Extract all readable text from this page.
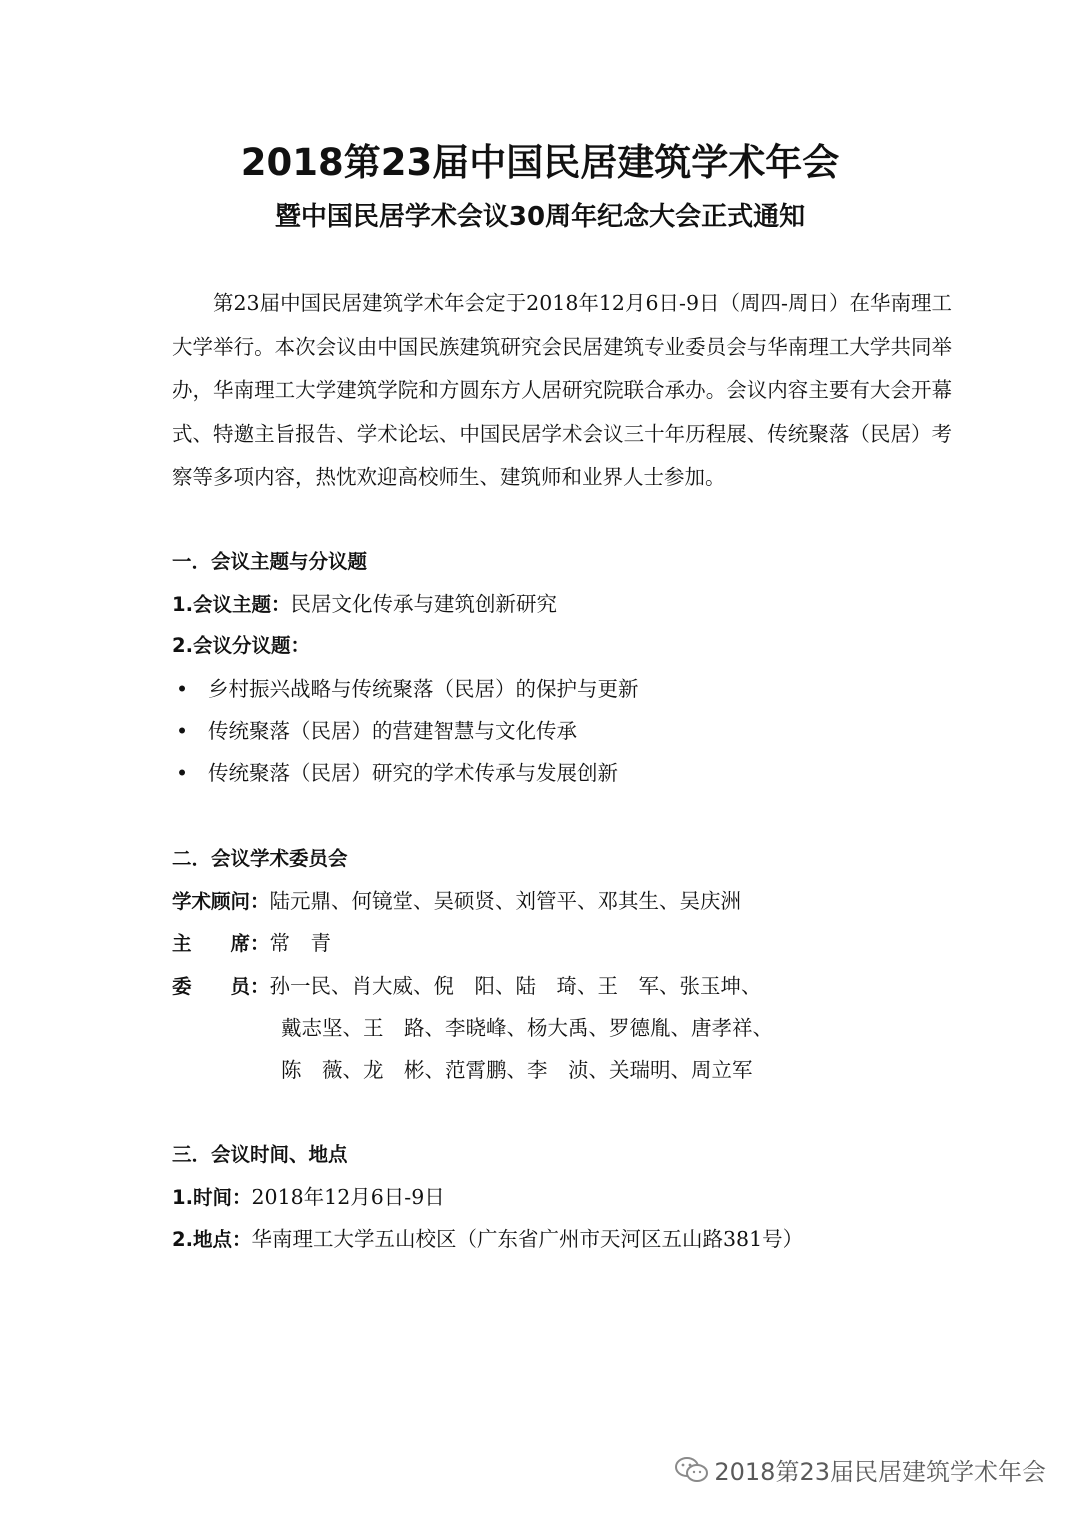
2018第23届中国民居建筑学术年会
暨中国民居学术会议30周年纪念大会正式通知
第23届中国民居建筑学术年会定于2018年12月6日-9日（周四-周日）在华南理工大学举行。本次会议由中国民族建筑研究会民居建筑专业委员会与华南理工大学共同举办，华南理工大学建筑学院和方圆东方人居研究院联合承办。会议内容主要有大会开幕式、特邀主旨报告、学术论坛、中国民居学术会议三十年历程展、传统聚落（民居）考察等多项内容，热忱欢迎高校师生、建筑师和业界人士参加。
一．会议主题与分议题
1.会议主题：民居文化传承与建筑创新研究
2.会议分议题：
• 乡村振兴战略与传统聚落（民居）的保护与更新
• 传统聚落（民居）的营建智慧与文化传承
• 传统聚落（民居）研究的学术传承与发展创新
二．会议学术委员会
学术顾问：陆元鼎、何镜堂、吴硕贤、刘管平、邓其生、吴庆洲
主　　席：常　青
委　　员：孙一民、肖大威、倪　阳、陆　琦、王　军、张玉坤、
戴志坚、王　路、李晓峰、杨大禹、罗德胤、唐孝祥、
陈　薇、龙　彬、范霄鹏、李　浈、关瑞明、周立军
三．会议时间、地点
1.时间：2018年12月6日-9日
2.地点：华南理工大学五山校区（广东省广州市天河区五山路381号）
2018第23届民居建筑学术年会
